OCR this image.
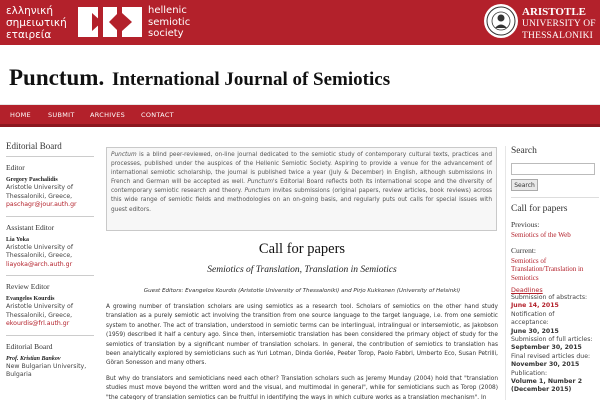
ελληνική
σημειωτική
εταιρεία
hellenic
semiotic
society
ARISTOTLE
UNIVERSITY OF
THESSALONIKI
Punctum. International Journal of Semiotics
HOME	SUBMIT ARCHIVES CONTACT
Editorial Board
Editor
Gregory Paschalidis
Aristotle University of
Thessaloniki, Greece,
paschagr@jour.auth.gr
Assistant Editor
Lia Yoka
Aristotle University of
Thessaloniki, Greece,
liayoka@arch.auth.gr
Review Editor
Evangelos Kourdis
Aristotle University of
Thessaloniki, Greece,
ekourdis@frl.auth.gr
Editorial Board
Prof. Kristian Bankov
New Bulgarian University,
Bulgaria
Punctum is a blind peer-reviewed, on-line journal dedicated to the semiotic study of contemporary cultural texts, practices and processes, published under the auspices of the Hellenic Semiotic Society. Aspiring to provide a venue for the advancement of international semiotic scholarship, the journal is published twice a year (July & December) in English, although submissions in French and German will be accepted as well. Punctum's Editorial Board reflects both its international scope and the diversity of contemporary semiotic research and theory. Punctum invites submissions (original papers, review articles, book reviews) across this wide range of semiotic fields and methodologies on an on-going basis, and regularly puts out calls for special issues with guest editors.
Call for papers
Semiotics of Translation, Translation in Semiotics
Guest Editors: Evangelos Kourdis (Aristotle University of Thessaloniki) and Pirjo Kukkonen (University of Helsinki)
A growing number of translation scholars are using semiotics as a research tool. Scholars of semiotics on the other hand study translation as a purely semiotic act involving the transition from one source language to the target language, i.e. from one semiotic system to another. The act of translation, understood in semiotic terms can be interlingual, intralingual or intersemiotic, as Jakobson (1959) described it half a century ago. Since then, intersemiotic translation has been considered the primary object of study for the semiotics of translation by a significant number of translation scholars. In general, the contribution of semiotics to translation has been analytically explored by semioticians such as Yuri Lotman, Dinda Gorlée, Peeter Torop, Paolo Fabbri, Umberto Eco, Susan Petrilli, Göran Sonesson and many others.
But why do translators and semioticians need each other? Translation scholars such as Jeremy Munday (2004) hold that "translation studies must move beyond the written word and the visual, and multimodal in general", while for semioticians such as Torop (2008) "the category of translation semiotics can be fruitful in identifying the ways in which culture works as a translation mechanism". In
Search
Search
Call for papers
Previous:
Semiotics of the Web
Current:
Semiotics of Translation/Translation in Semiotics
Deadlines
Submission of abstracts:
June 14, 2015
Notification of
acceptance:
June 30, 2015
Submission of full articles:
September 30, 2015
Final revised articles due:
November 30, 2015
Publication:
Volume 1, Number 2
(December 2015)
